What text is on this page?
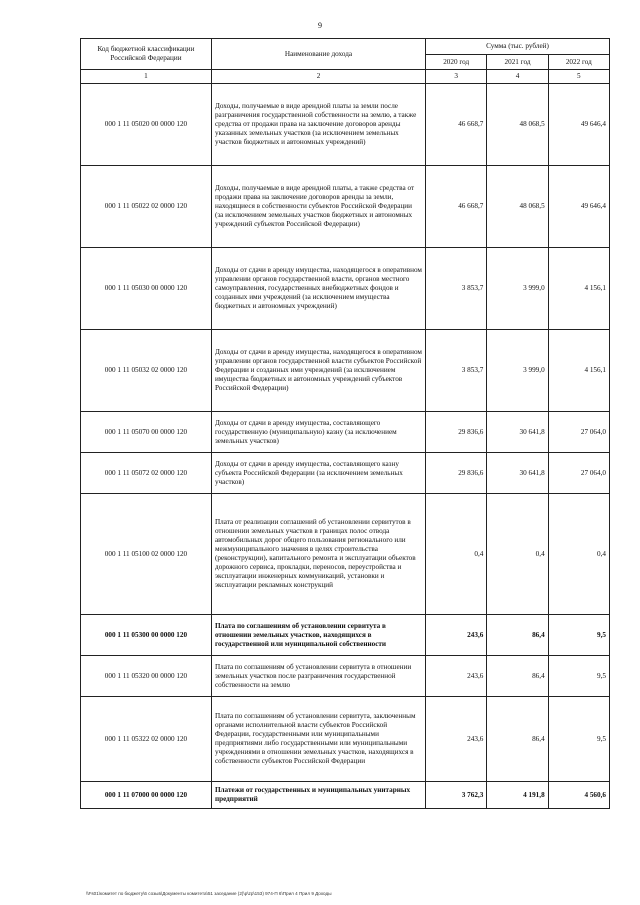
9
Код бюджетной классификации Российской Федерации	Наименование дохода	Сумма (тыс. рублей)		
		2020 год	2021 год	2022 год
1	2	3	4	5
000 1 11 05020 00 0000 120	Доходы, получаемые в виде арендной платы за земли после разграничения государственной собственности на землю, а также средства от продажи права на заключение договоров аренды указанных земельных участков (за исключением земельных участков бюджетных и автономных учреждений)	46 668,7	48 068,5	49 646,4
000 1 11 05022 02 0000 120	Доходы, получаемые в виде арендной платы, а также средства от продажи права на заключение договоров аренды за земли, находящиеся в собственности субъектов Российской Федерации (за исключением земельных участков бюджетных и автономных учреждений субъектов Российской Федерации)	46 668,7	48 068,5	49 646,4
000 1 11 05030 00 0000 120	Доходы от сдачи в аренду имущества, находящегося в оперативном управлении органов государственной власти, органов местного самоуправления, государственных внебюджетных фондов и созданных ими учреждений (за исключением имущества бюджетных и автономных учреждений)	3 853,7	3 999,0	4 156,1
000 1 11 05032 02 0000 120	Доходы от сдачи в аренду имущества, находящегося в оперативном управлении органов государственной власти субъектов Российской Федерации и созданных ими учреждений (за исключением имущества бюджетных и автономных учреждений субъектов Российской Федерации)	3 853,7	3 999,0	4 156,1
000 1 11 05070 00 0000 120	Доходы от сдачи в аренду имущества, составляющего государственную (муниципальную) казну (за исключением земельных участков)	29 836,6	30 641,8	27 064,0
000 1 11 05072 02 0000 120	Доходы от сдачи в аренду имущества, составляющего казну субъекта Российской Федерации (за исключением земельных участков)	29 836,6	30 641,8	27 064,0
000 1 11 05100 02 0000 120	Плата от реализации соглашений об установлении сервитутов в отношении земельных участков в границах полос отвода автомобильных дорог общего пользования регионального или межмуниципального значения в целях строительства (реконструкции), капитального ремонта и эксплуатации объектов дорожного сервиса, прокладки, переносов, переустройства и эксплуатации инженерных коммуникаций, установки и эксплуатации рекламных конструкций	0,4	0,4	0,4
000 1 11 05300 00 0000 120	Плата по соглашениям об установлении сервитута в отношении земельных участков, находящихся в государственной или муниципальной собственности	243,6	86,4	9,5
000 1 11 05320 00 0000 120	Плата по соглашениям об установлении сервитута в отношении земельных участков после разграничения государственной собственности на землю	243,6	86,4	9,5
000 1 11 05322 02 0000 120	Плата по соглашениям об установлении сервитута, заключенным органами исполнительной власти субъектов Российской Федерации, государственными или муниципальными предприятиями либо государственными или муниципальными учреждениями в отношении земельных участков, находящихся в собственности субъектов Российской Федерации	243,6	86,4	9,5
000 1 11 07000 00 0000 120	Платежи от государственных и муниципальных унитарных предприятий	3 762,3	4 191,8	4 560,6
\\Fs01\комитет по бюджету\6 созыв\Документы комитета\51 заседание (2)\p\zp\153) 974-П 6\Прил 4 Прил 9 Доходы
